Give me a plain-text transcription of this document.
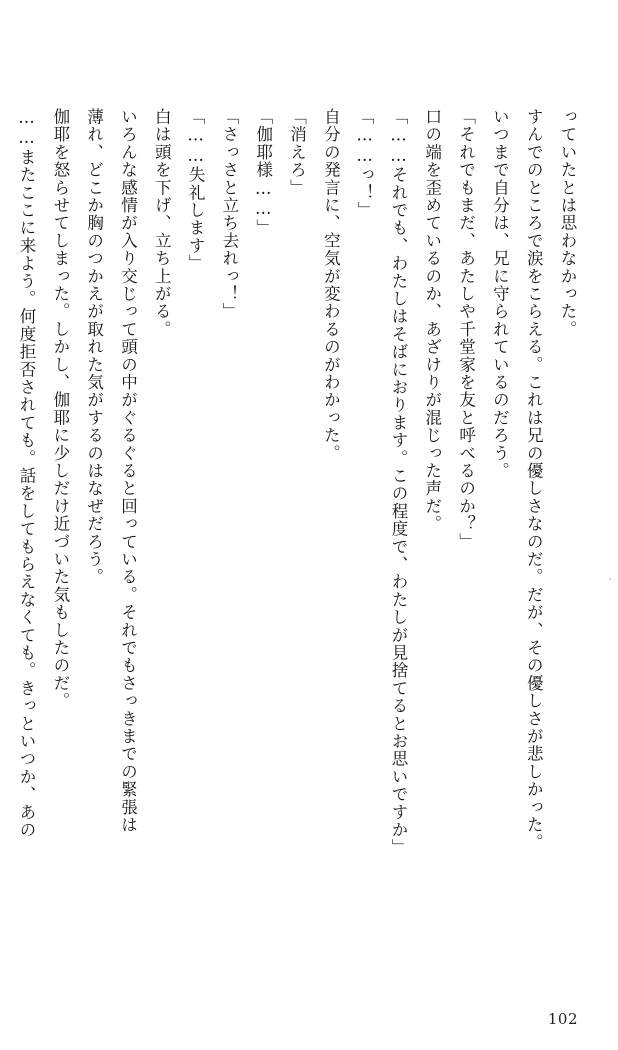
っていたとは思わなかった。
すんでのところで涙をこらえる。これは兄の優しさなのだ。だが、その優しさが悲しかった。
いつまで自分は、兄に守られているのだろう。
「それでもまだ、あたしや千堂家を友と呼べるのか？」
口の端を歪めているのか、あざけりが混じった声だ。
「……それでも、わたしはそばにおります。この程度で、わたしが見捨てるとお思いですか」
「……っ！」
自分の発言に、空気が変わるのがわかった。
「消えろ」
「伽耶様……」
「さっさと立ち去れっ！」
「……失礼します」
白は頭を下げ、立ち上がる。
いろんな感情が入り交じって頭の中がぐるぐると回っている。それでもさっきまでの緊張は
薄れ、どこか胸のつかえが取れた気がするのはなぜだろう。
伽耶を怒らせてしまった。しかし、伽耶に少しだけ近づいた気もしたのだ。
……またここに来よう。何度拒否されても。話をしてもらえなくても。きっといつか、あの
102
